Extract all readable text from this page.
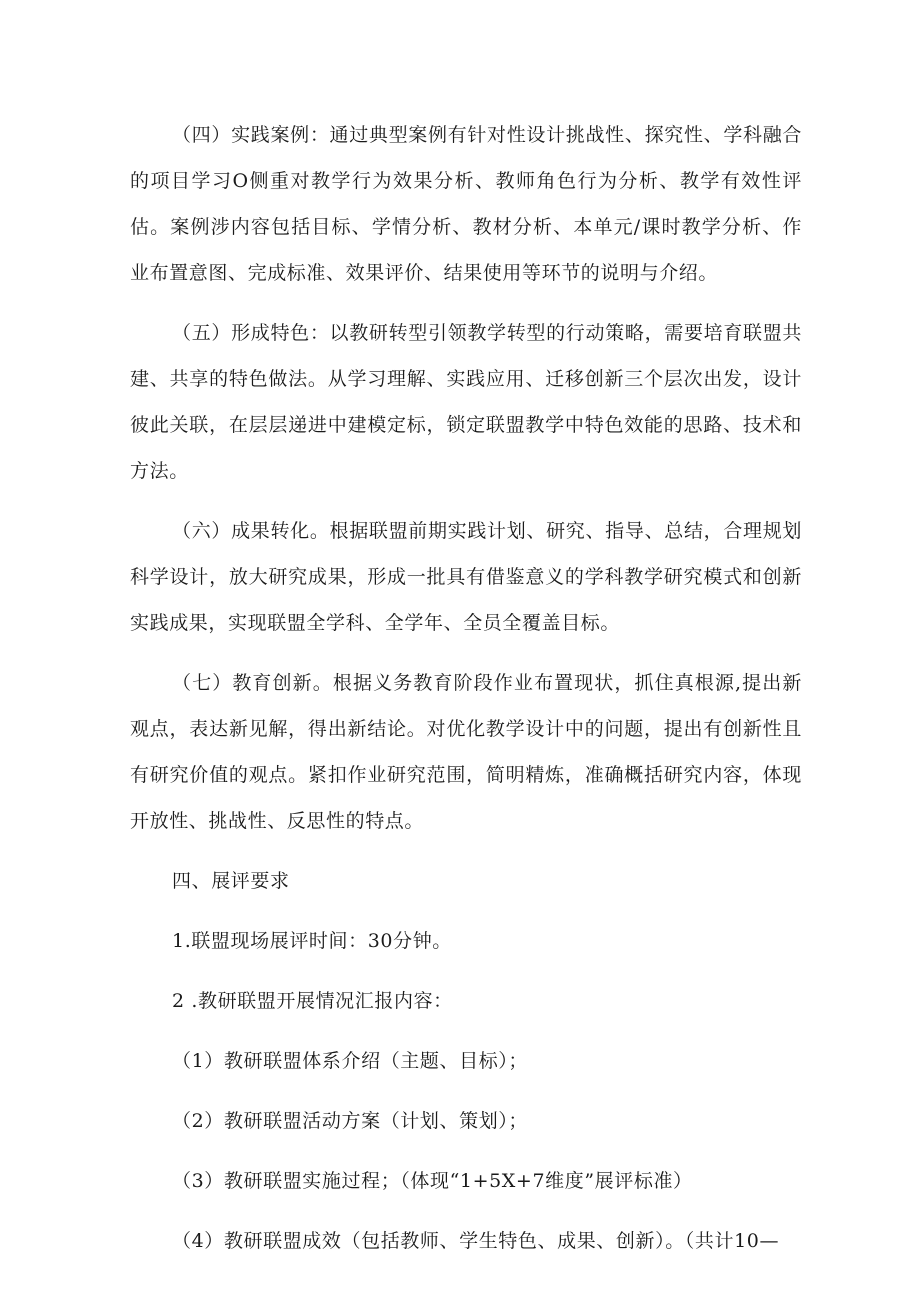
（四）实践案例：通过典型案例有针对性设计挑战性、探究性、学科融合的项目学习O侧重对教学行为效果分析、教师角色行为分析、教学有效性评估。案例涉内容包括目标、学情分析、教材分析、本单元/课时教学分析、作业布置意图、完成标准、效果评价、结果使用等环节的说明与介绍。

（五）形成特色：以教研转型引领教学转型的行动策略，需要培育联盟共建、共享的特色做法。从学习理解、实践应用、迁移创新三个层次出发，设计彼此关联，在层层递进中建模定标，锁定联盟教学中特色效能的思路、技术和方法。

（六）成果转化。根据联盟前期实践计划、研究、指导、总结，合理规划科学设计，放大研究成果，形成一批具有借鉴意义的学科教学研究模式和创新实践成果，实现联盟全学科、全学年、全员全覆盖目标。

（七）教育创新。根据义务教育阶段作业布置现状，抓住真根源,提出新观点，表达新见解，得出新结论。对优化教学设计中的问题，提出有创新性且有研究价值的观点。紧扣作业研究范围，简明精炼，准确概括研究内容，体现开放性、挑战性、反思性的特点。

四、展评要求

1.联盟现场展评时间：30分钟。

2 .教研联盟开展情况汇报内容：

（1）教研联盟体系介绍（主题、目标）；

（2）教研联盟活动方案（计划、策划）；

（3）教研联盟实施过程；（体现“1+5X+7维度”展评标准）

（4）教研联盟成效（包括教师、学生特色、成果、创新）。（共计10—
